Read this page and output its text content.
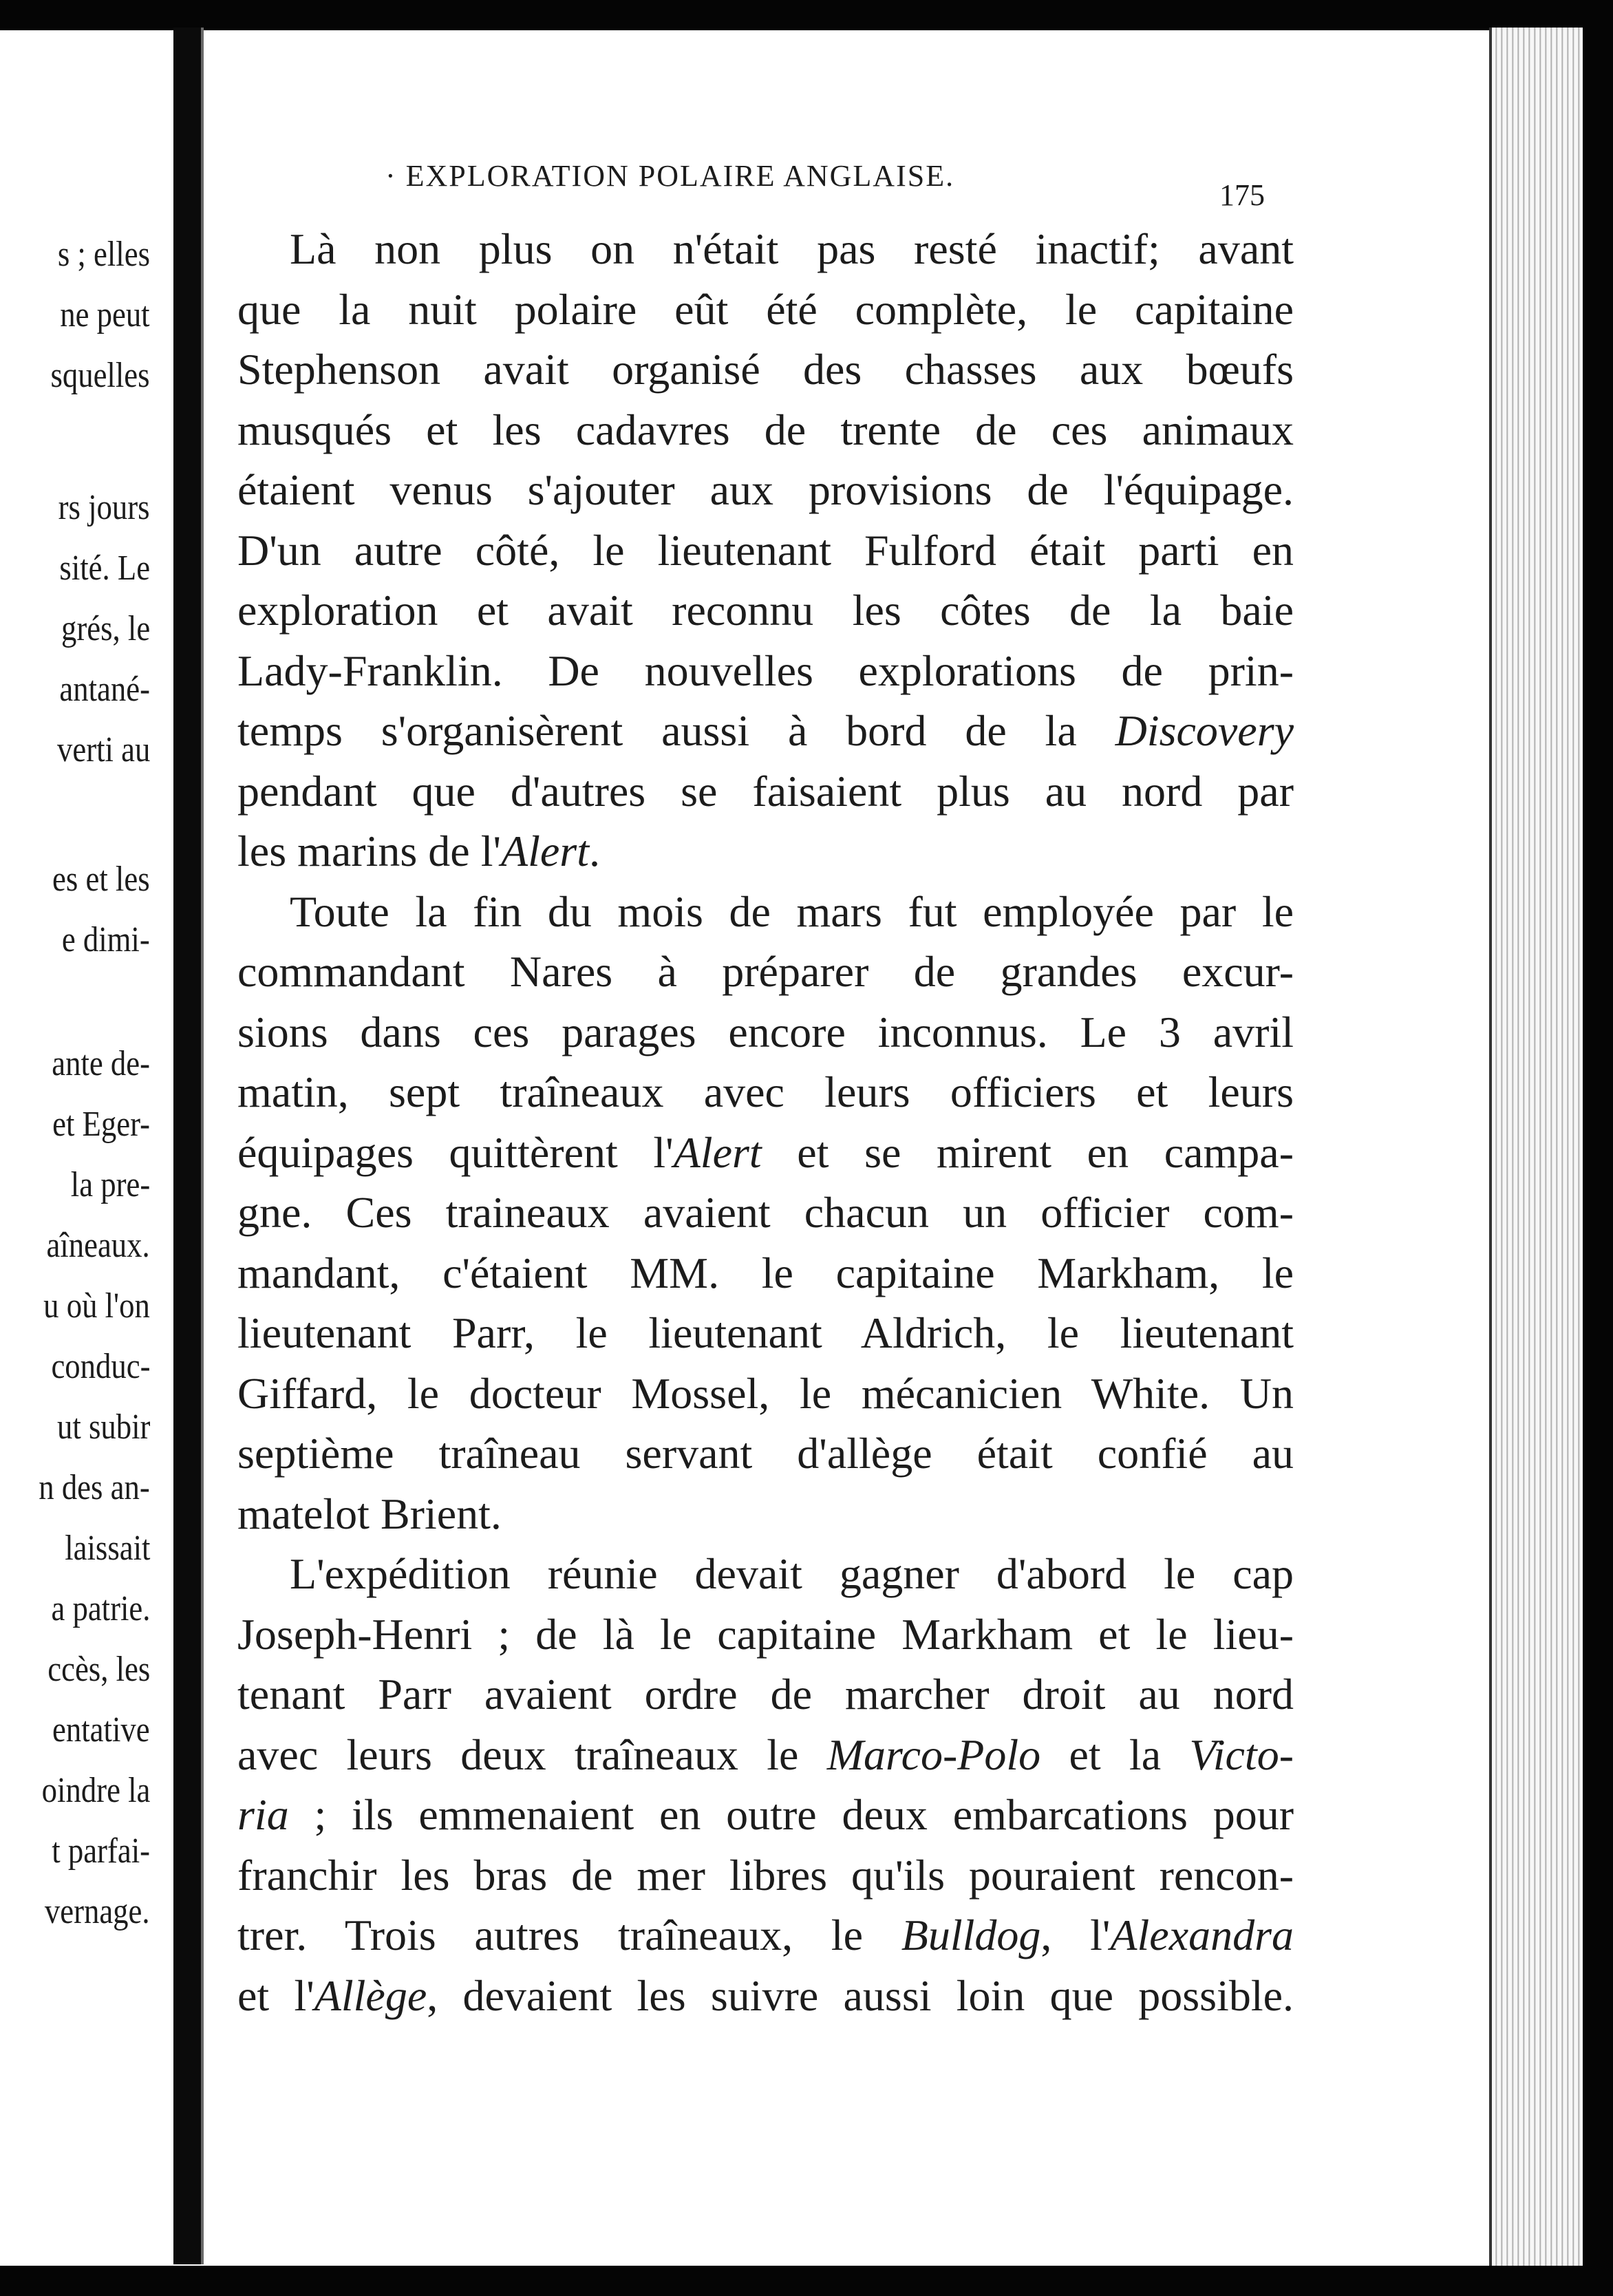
s ; elles
ne peut
squelles
rs jours
sité. Le
grés, le
antané-
verti au
es et les
e dimi-
ante de-
et Eger-
la pre-
aîneaux.
u où l'on
conduc-
ut subir
n des an-
laissait
a patrie.
ccès, les
entative
oindre la
t parfai-
vernage.
· EXPLORATION POLAIRE ANGLAISE.
175
Là non plus on n'était pas resté inactif; avant
que la nuit polaire eût été complète, le capitaine
Stephenson avait organisé des chasses aux bœufs
musqués et les cadavres de trente de ces animaux
étaient venus s'ajouter aux provisions de l'équipage.
D'un autre côté, le lieutenant Fulford était parti en
exploration et avait reconnu les côtes de la baie
Lady-Franklin. De nouvelles explorations de prin-
temps s'organisèrent aussi à bord de la Discovery
pendant que d'autres se faisaient plus au nord par
les marins de l'Alert.
Toute la fin du mois de mars fut employée par le
commandant Nares à préparer de grandes excur-
sions dans ces parages encore inconnus. Le 3 avril
matin, sept traîneaux avec leurs officiers et leurs
équipages quittèrent l'Alert et se mirent en campa-
gne. Ces traineaux avaient chacun un officier com-
mandant, c'étaient MM. le capitaine Markham, le
lieutenant Parr, le lieutenant Aldrich, le lieutenant
Giffard, le docteur Mossel, le mécanicien White. Un
septième traîneau servant d'allège était confié au
matelot Brient.
L'expédition réunie devait gagner d'abord le cap
Joseph-Henri ; de là le capitaine Markham et le lieu-
tenant Parr avaient ordre de marcher droit au nord
avec leurs deux traîneaux le Marco-Polo et la Victo-
ria ; ils emmenaient en outre deux embarcations pour
franchir les bras de mer libres qu'ils pouraient rencon-
trer. Trois autres traîneaux, le Bulldog, l'Alexandra
et l'Allège, devaient les suivre aussi loin que possible.
